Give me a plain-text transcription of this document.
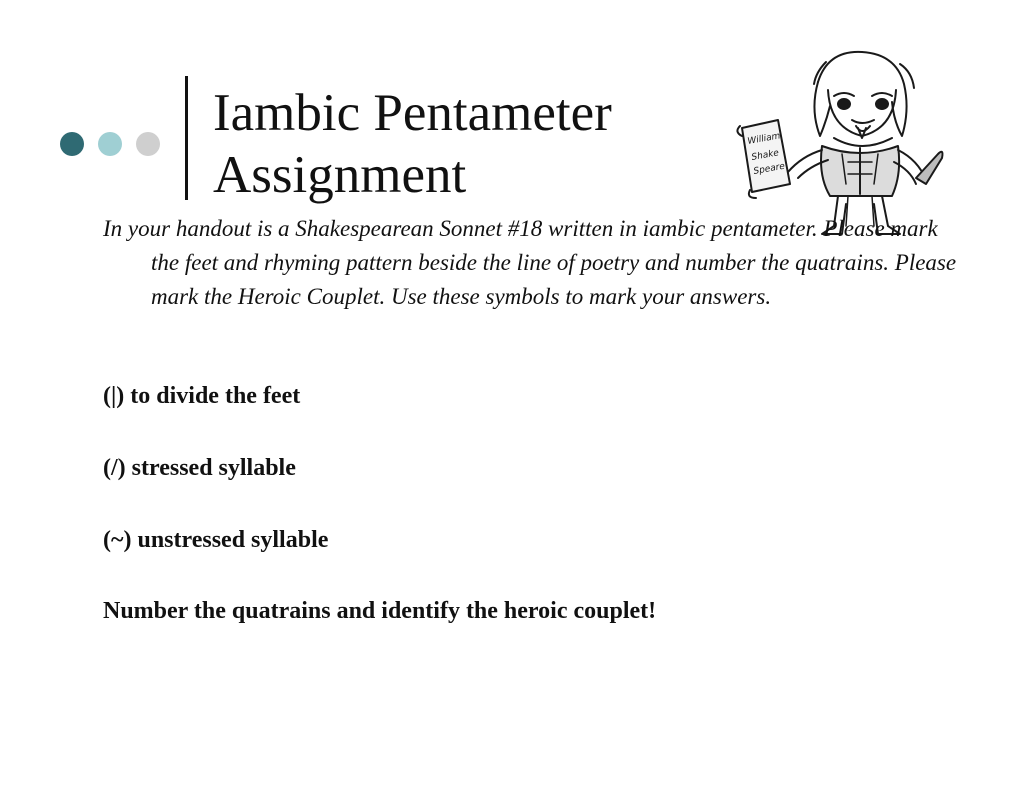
Iambic Pentameter
Assignment
William
Shake
Speare

In your handout is a Shakespearean Sonnet #18 written in iambic pentameter. Please mark the feet and rhyming pattern beside the line of poetry and number the quatrains. Please mark the Heroic Couplet. Use these symbols to mark your answers.

(|) to divide the feet

(/) stressed syllable

(~) unstressed syllable

Number the quatrains and identify the heroic couplet!
